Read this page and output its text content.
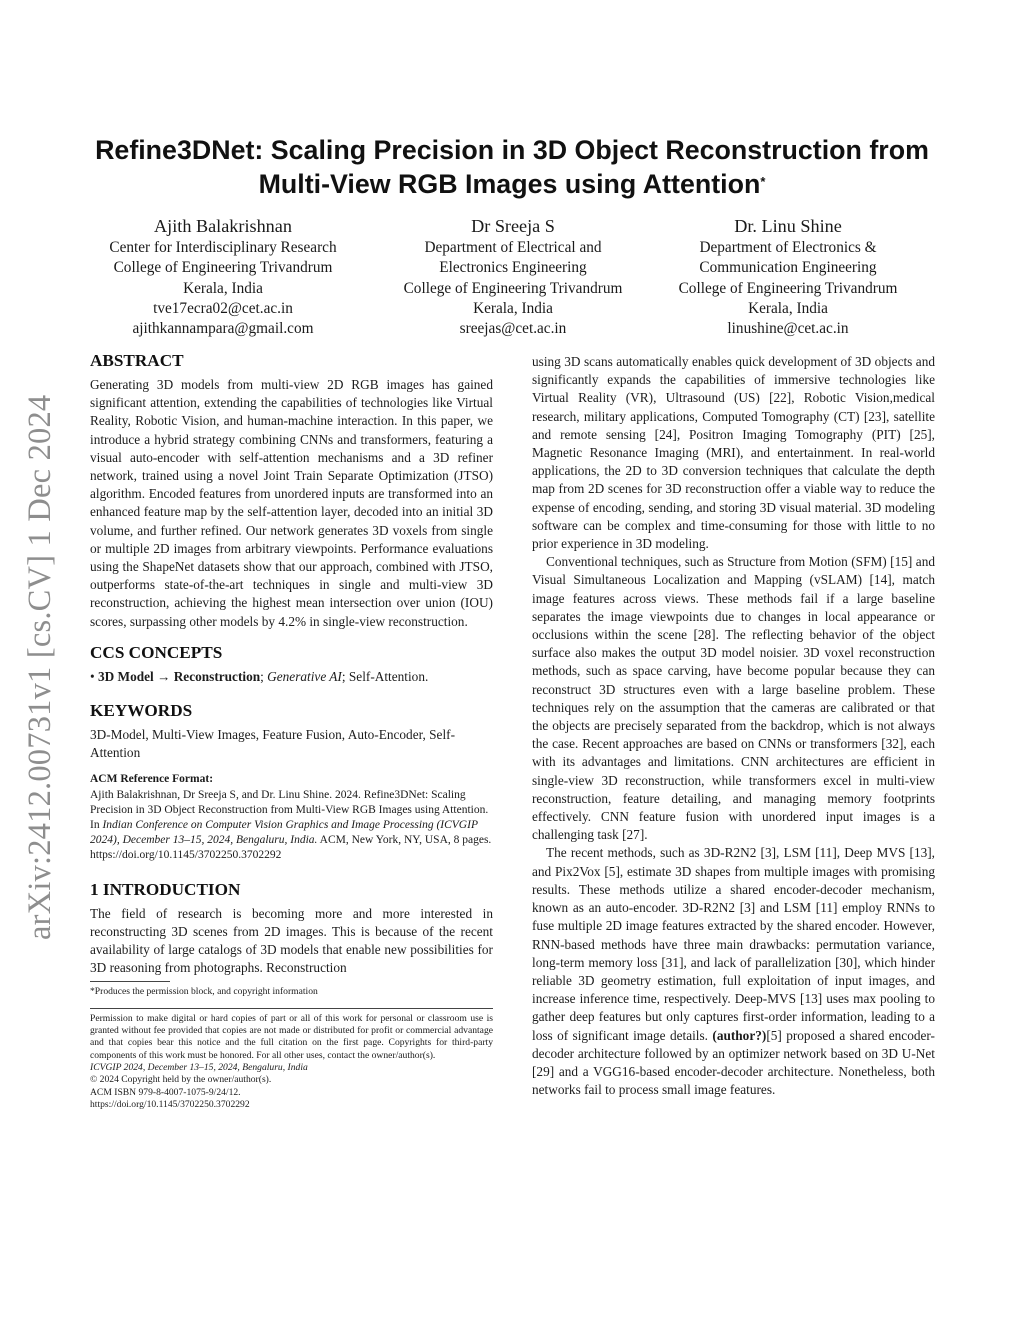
arXiv:2412.00731v1 [cs.CV] 1 Dec 2024
Refine3DNet: Scaling Precision in 3D Object Reconstruction from
Multi-View RGB Images using Attention*
Ajith Balakrishnan
Center for Interdisciplinary Research
College of Engineering Trivandrum
Kerala, India
tve17ecra02@cet.ac.in
ajithkannampara@gmail.com
Dr Sreeja S
Department of Electrical and
Electronics Engineering
College of Engineering Trivandrum
Kerala, India
sreejas@cet.ac.in
Dr. Linu Shine
Department of Electronics &
Communication Engineering
College of Engineering Trivandrum
Kerala, India
linushine@cet.ac.in
ABSTRACT
Generating 3D models from multi-view 2D RGB images has gained significant attention, extending the capabilities of technologies like Virtual Reality, Robotic Vision, and human-machine interaction. In this paper, we introduce a hybrid strategy combining CNNs and transformers, featuring a visual auto-encoder with self-attention mechanisms and a 3D refiner network, trained using a novel Joint Train Separate Optimization (JTSO) algorithm. Encoded features from unordered inputs are transformed into an enhanced feature map by the self-attention layer, decoded into an initial 3D volume, and further refined. Our network generates 3D voxels from single or multiple 2D images from arbitrary viewpoints. Performance evaluations using the ShapeNet datasets show that our approach, combined with JTSO, outperforms state-of-the-art techniques in single and multi-view 3D reconstruction, achieving the highest mean intersection over union (IOU) scores, surpassing other models by 4.2% in single-view reconstruction.
CCS CONCEPTS
• 3D Model → Reconstruction; Generative AI; Self-Attention.
KEYWORDS
3D-Model, Multi-View Images, Feature Fusion, Auto-Encoder, Self-Attention
ACM Reference Format:
Ajith Balakrishnan, Dr Sreeja S, and Dr. Linu Shine. 2024. Refine3DNet: Scaling Precision in 3D Object Reconstruction from Multi-View RGB Images using Attention. In Indian Conference on Computer Vision Graphics and Image Processing (ICVGIP 2024), December 13–15, 2024, Bengaluru, India. ACM, New York, NY, USA, 8 pages. https://doi.org/10.1145/3702250.3702292
1 INTRODUCTION
The field of research is becoming more and more interested in reconstructing 3D scenes from 2D images. This is because of the recent availability of large catalogs of 3D models that enable new possibilities for 3D reasoning from photographs. Reconstruction
*Produces the permission block, and copyright information
Permission to make digital or hard copies of part or all of this work for personal or classroom use is granted without fee provided that copies are not made or distributed for profit or commercial advantage and that copies bear this notice and the full citation on the first page. Copyrights for third-party components of this work must be honored. For all other uses, contact the owner/author(s).
ICVGIP 2024, December 13–15, 2024, Bengaluru, India
© 2024 Copyright held by the owner/author(s).
ACM ISBN 979-8-4007-1075-9/24/12.
https://doi.org/10.1145/3702250.3702292
using 3D scans automatically enables quick development of 3D objects and significantly expands the capabilities of immersive technologies like Virtual Reality (VR), Ultrasound (US) [22], Robotic Vision,medical research, military applications, Computed Tomography (CT) [23], satellite and remote sensing [24], Positron Imaging Tomography (PIT) [25], Magnetic Resonance Imaging (MRI), and entertainment. In real-world applications, the 2D to 3D conversion techniques that calculate the depth map from 2D scenes for 3D reconstruction offer a viable way to reduce the expense of encoding, sending, and storing 3D visual material. 3D modeling software can be complex and time-consuming for those with little to no prior experience in 3D modeling.
Conventional techniques, such as Structure from Motion (SFM) [15] and Visual Simultaneous Localization and Mapping (vSLAM) [14], match image features across views. These methods fail if a large baseline separates the image viewpoints due to changes in local appearance or occlusions within the scene [28]. The reflecting behavior of the object surface also makes the output 3D model noisier. 3D voxel reconstruction methods, such as space carving, have become popular because they can reconstruct 3D structures even with a large baseline problem. These techniques rely on the assumption that the cameras are calibrated or that the objects are precisely separated from the backdrop, which is not always the case. Recent approaches are based on CNNs or transformers [32], each with its advantages and limitations. CNN architectures are efficient in single-view 3D reconstruction, while transformers excel in multi-view reconstruction, feature detailing, and managing memory footprints effectively. CNN feature fusion with unordered input images is a challenging task [27].
The recent methods, such as 3D-R2N2 [3], LSM [11], Deep MVS [13], and Pix2Vox [5], estimate 3D shapes from multiple images with promising results. These methods utilize a shared encoder-decoder mechanism, known as an auto-encoder. 3D-R2N2 [3] and LSM [11] employ RNNs to fuse multiple 2D image features extracted by the shared encoder. However, RNN-based methods have three main drawbacks: permutation variance, long-term memory loss [31], and lack of parallelization [30], which hinder reliable 3D geometry estimation, full exploitation of input images, and increase inference time, respectively. Deep-MVS [13] uses max pooling to gather deep features but only captures first-order information, leading to a loss of significant image details. (author?)[5] proposed a shared encoder-decoder architecture followed by an optimizer network based on 3D U-Net [29] and a VGG16-based encoder-decoder architecture. Nonetheless, both networks fail to process small image features.
